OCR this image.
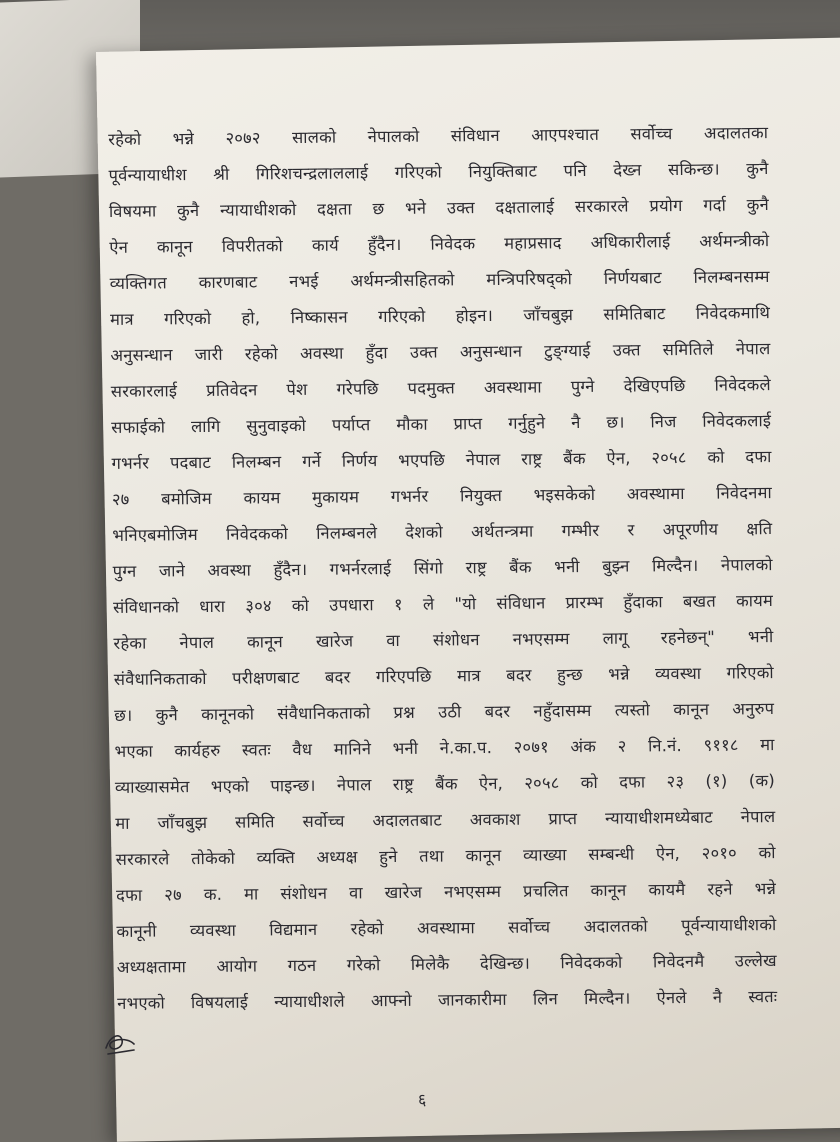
रहेको भन्ने २०७२ सालको नेपालको संविधान आएपश्चात सर्वोच्च अदालतका
पूर्वन्यायाधीश श्री गिरिशचन्द्रलाललाई गरिएको नियुक्तिबाट पनि देख्न सकिन्छ। कुनै
विषयमा कुनै न्यायाधीशको दक्षता छ भने उक्त दक्षतालाई सरकारले प्रयोग गर्दा कुनै
ऐन कानून विपरीतको कार्य हुँदैन। निवेदक महाप्रसाद अधिकारीलाई अर्थमन्त्रीको
व्यक्तिगत कारणबाट नभई अर्थमन्त्रीसहितको मन्त्रिपरिषद्को निर्णयबाट निलम्बनसम्म
मात्र गरिएको हो, निष्कासन गरिएको होइन। जाँचबुझ समितिबाट निवेदकमाथि
अनुसन्धान जारी रहेको अवस्था हुँदा उक्त अनुसन्धान टुङ्ग्याई उक्त समितिले नेपाल
सरकारलाई प्रतिवेदन पेश गरेपछि पदमुक्त अवस्थामा पुग्ने देखिएपछि निवेदकले
सफाईको लागि सुनुवाइको पर्याप्त मौका प्राप्त गर्नुहुने नै छ। निज निवेदकलाई
गभर्नर पदबाट निलम्बन गर्ने निर्णय भएपछि नेपाल राष्ट्र बैंक ऐन, २०५८ को दफा
२७ बमोजिम कायम मुकायम गभर्नर नियुक्त भइसकेको अवस्थामा निवेदनमा
भनिएबमोजिम निवेदकको निलम्बनले देशको अर्थतन्त्रमा गम्भीर र अपूरणीय क्षति
पुग्न जाने अवस्था हुँदैन। गभर्नरलाई सिंगो राष्ट्र बैंक भनी बुझ्न मिल्दैन। नेपालको
संविधानको धारा ३०४ को उपधारा १ ले "यो संविधान प्रारम्भ हुँदाका बखत कायम
रहेका नेपाल कानून खारेज वा संशोधन नभएसम्म लागू रहनेछन्" भनी
संवैधानिकताको परीक्षणबाट बदर गरिएपछि मात्र बदर हुन्छ भन्ने व्यवस्था गरिएको
छ। कुनै कानूनको संवैधानिकताको प्रश्न उठी बदर नहुँदासम्म त्यस्तो कानून अनुरुप
भएका कार्यहरु स्वतः वैध मानिने भनी ने.का.प. २०७१ अंक २ नि.नं. ९११८ मा
व्याख्यासमेत भएको पाइन्छ। नेपाल राष्ट्र बैंक ऐन, २०५८ को दफा २३ (१) (क)
मा जाँचबुझ समिति सर्वोच्च अदालतबाट अवकाश प्राप्त न्यायाधीशमध्येबाट नेपाल
सरकारले तोकेको व्यक्ति अध्यक्ष हुने तथा कानून व्याख्या सम्बन्धी ऐन, २०१० को
दफा २७ क. मा संशोधन वा खारेज नभएसम्म प्रचलित कानून कायमै रहने भन्ने
कानूनी व्यवस्था विद्यमान रहेको अवस्थामा सर्वोच्च अदालतको पूर्वन्यायाधीशको
अध्यक्षतामा आयोग गठन गरेको मिलेकै देखिन्छ। निवेदकको निवेदनमै उल्लेख
नभएको विषयलाई न्यायाधीशले आफ्नो जानकारीमा लिन मिल्दैन। ऐनले नै स्वतः
६
